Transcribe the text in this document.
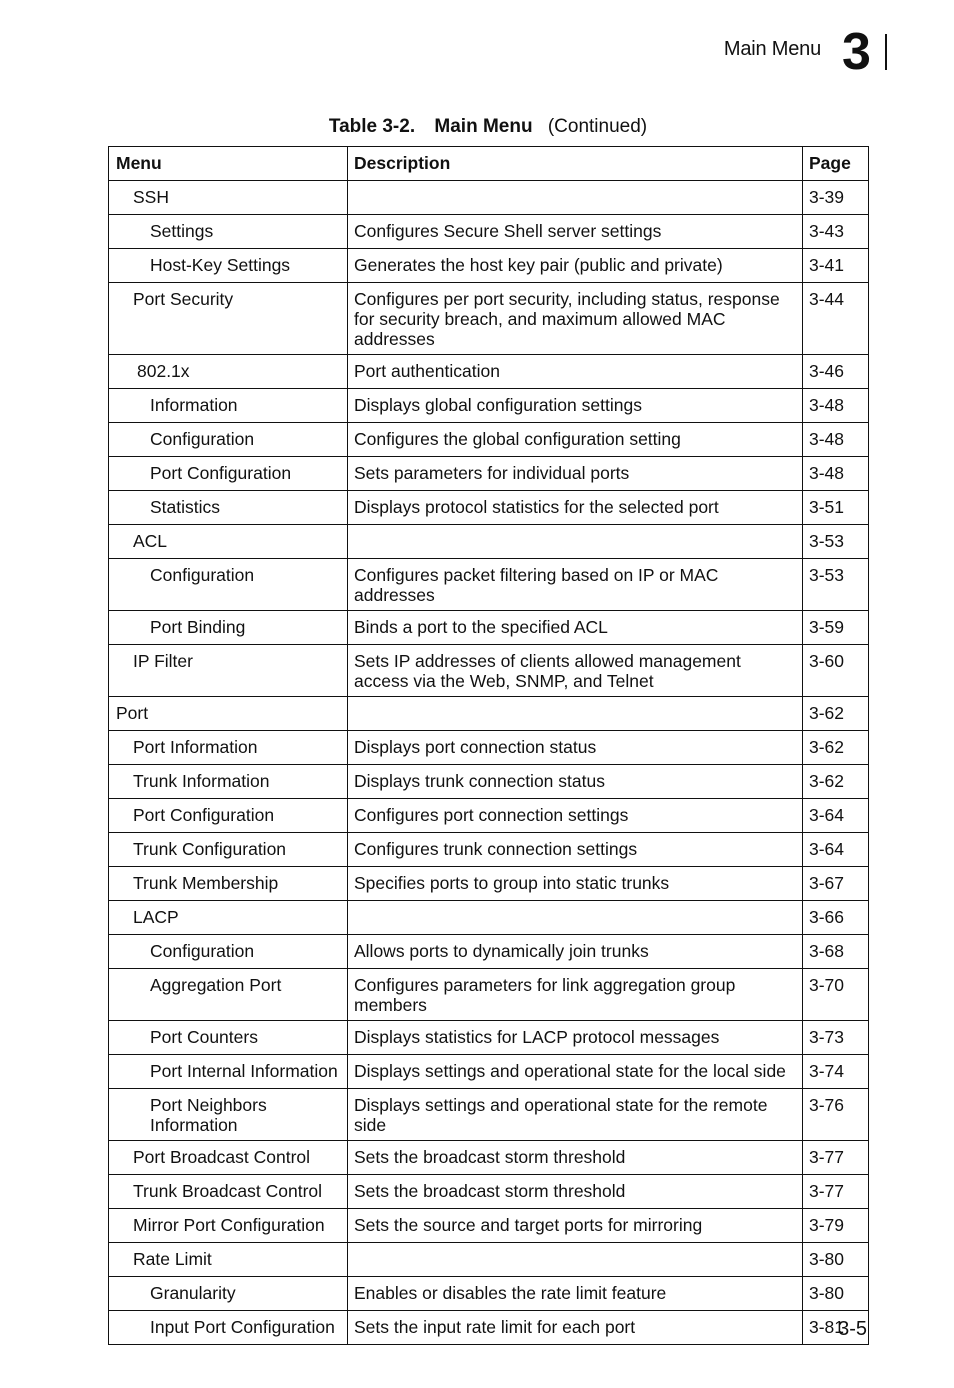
Main Menu 3
Table 3-2. Main Menu (Continued)
Menu	Description	Page
SSH		3-39
Settings	Configures Secure Shell server settings	3-43
Host-Key Settings	Generates the host key pair (public and private)	3-41
Port Security	Configures per port security, including status, response for security breach, and maximum allowed MAC addresses	3-44
802.1x	Port authentication	3-46
Information	Displays global configuration settings	3-48
Configuration	Configures the global configuration setting	3-48
Port Configuration	Sets parameters for individual ports	3-48
Statistics	Displays protocol statistics for the selected port	3-51
ACL		3-53
Configuration	Configures packet filtering based on IP or MAC addresses	3-53
Port Binding	Binds a port to the specified ACL	3-59
IP Filter	Sets IP addresses of clients allowed management access via the Web, SNMP, and Telnet	3-60
Port		3-62
Port Information	Displays port connection status	3-62
Trunk Information	Displays trunk connection status	3-62
Port Configuration	Configures port connection settings	3-64
Trunk Configuration	Configures trunk connection settings	3-64
Trunk Membership	Specifies ports to group into static trunks	3-67
LACP		3-66
Configuration	Allows ports to dynamically join trunks	3-68
Aggregation Port	Configures parameters for link aggregation group members	3-70
Port Counters	Displays statistics for LACP protocol messages	3-73
Port Internal Information	Displays settings and operational state for the local side	3-74
Port Neighbors Information	Displays settings and operational state for the remote side	3-76
Port Broadcast Control	Sets the broadcast storm threshold	3-77
Trunk Broadcast Control	Sets the broadcast storm threshold	3-77
Mirror Port Configuration	Sets the source and target ports for mirroring	3-79
Rate Limit		3-80
Granularity	Enables or disables the rate limit feature	3-80
Input Port Configuration	Sets the input rate limit for each port	3-81
3-5
